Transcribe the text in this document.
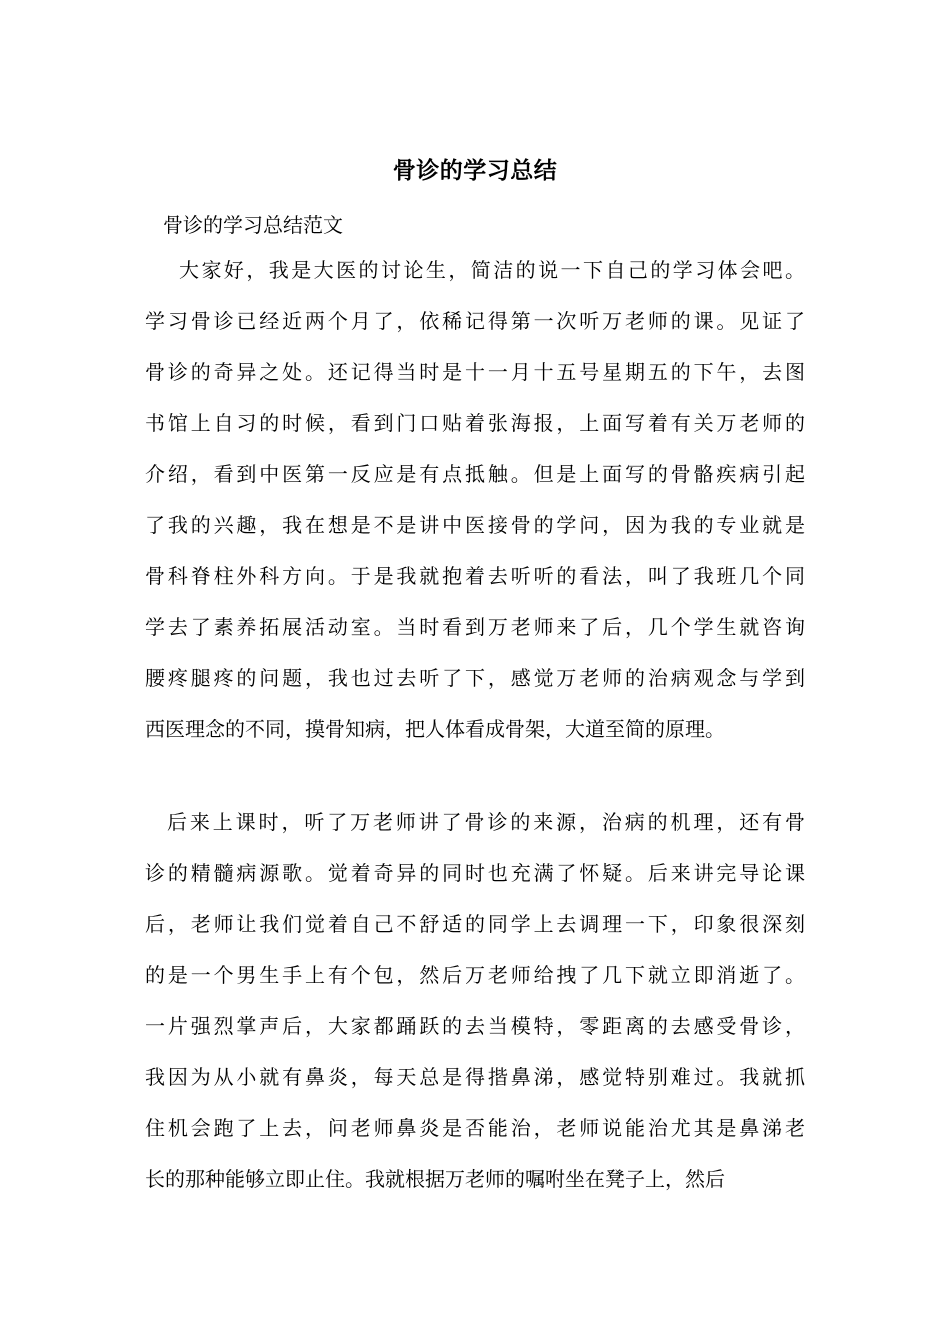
骨诊的学习总结
骨诊的学习总结范文
大家好，我是大医的讨论生，简洁的说一下自己的学习体会吧。
学习骨诊已经近两个月了，依稀记得第一次听万老师的课。见证了
骨诊的奇异之处。还记得当时是十一月十五号星期五的下午，去图
书馆上自习的时候，看到门口贴着张海报，上面写着有关万老师的
介绍，看到中医第一反应是有点抵触。但是上面写的骨骼疾病引起
了我的兴趣，我在想是不是讲中医接骨的学问，因为我的专业就是
骨科脊柱外科方向。于是我就抱着去听听的看法，叫了我班几个同
学去了素养拓展活动室。当时看到万老师来了后，几个学生就咨询
腰疼腿疼的问题，我也过去听了下，感觉万老师的治病观念与学到
西医理念的不同，摸骨知病，把人体看成骨架，大道至简的原理。
后来上课时，听了万老师讲了骨诊的来源，治病的机理，还有骨
诊的精髓病源歌。觉着奇异的同时也充满了怀疑。后来讲完导论课
后，老师让我们觉着自己不舒适的同学上去调理一下，印象很深刻
的是一个男生手上有个包，然后万老师给拽了几下就立即消逝了。
一片强烈掌声后，大家都踊跃的去当模特，零距离的去感受骨诊，
我因为从小就有鼻炎，每天总是得揩鼻涕，感觉特别难过。我就抓
住机会跑了上去，问老师鼻炎是否能治，老师说能治尤其是鼻涕老
长的那种能够立即止住。我就根据万老师的嘱咐坐在凳子上，然后
